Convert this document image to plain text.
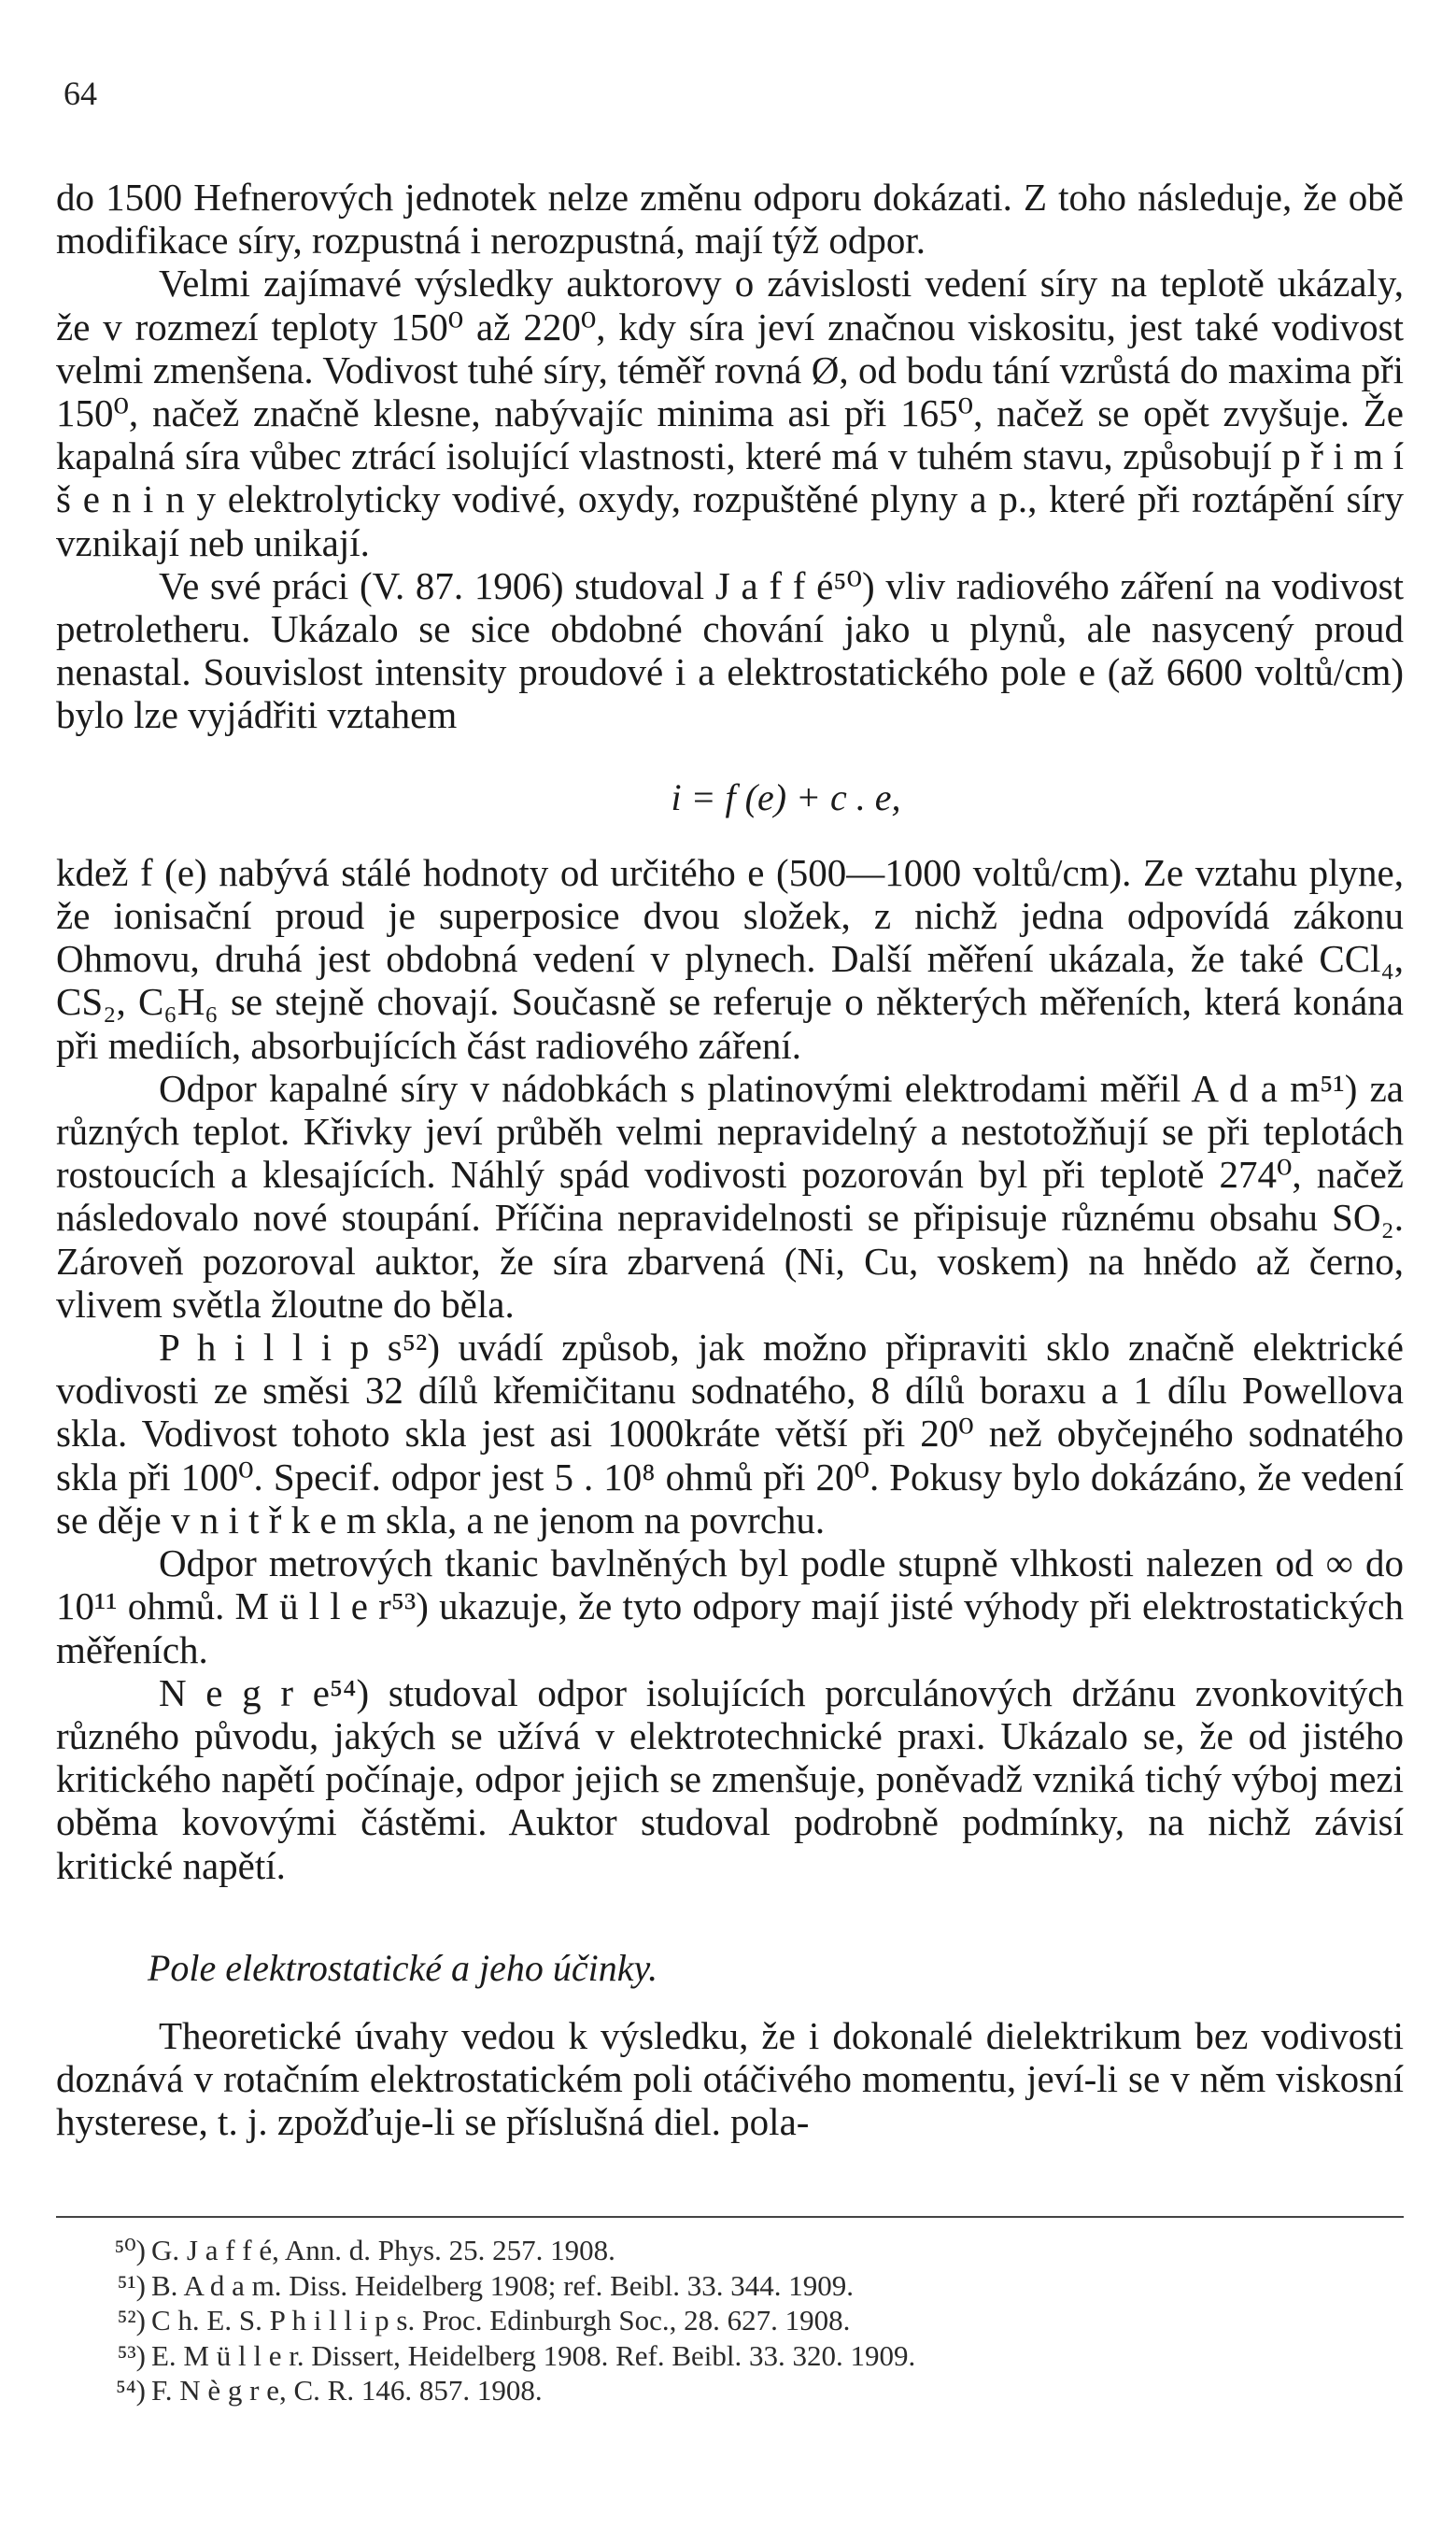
64

do 1500 Hefnerových jednotek nelze změnu odporu dokázati. Z toho následuje, že obě modifikace síry, rozpustná i nerozpustná, mají týž odpor.

Velmi zajímavé výsledky auktorovy o závislosti vedení síry na teplotě ukázaly, že v rozmezí teploty 150⁰ až 220⁰, kdy síra jeví značnou viskositu, jest také vodivost velmi zmenšena. Vodivost tuhé síry, téměř rovná Ø, od bodu tání vzrůstá do maxima při 150⁰, načež značně klesne, nabývajíc minima asi při 165⁰, načež se opět zvyšuje. Že kapalná síra vůbec ztrácí isolující vlastnosti, které má v tuhém stavu, způsobují p ř i m í š e n i n y elektrolyticky vodivé, oxydy, rozpuštěné plyny a p., které při roztápění síry vznikají neb unikají.

Ve své práci (V. 87. 1906) studoval J a f f é⁵⁰) vliv radiového záření na vodivost petroletheru. Ukázalo se sice obdobné chování jako u plynů, ale nasycený proud nenastal. Souvislost intensity proudové i a elektrostatického pole e (až 6600 voltů/cm) bylo lze vyjádřiti vztahem

i = f (e) + c . e,

kdež f (e) nabývá stálé hodnoty od určitého e (500—1000 voltů/cm). Ze vztahu plyne, že ionisační proud je superposice dvou složek, z nichž jedna odpovídá zákonu Ohmovu, druhá jest obdobná vedení v plynech. Další měření ukázala, že také CCl₄, CS₂, C₆H₆ se stejně chovají. Současně se referuje o některých měřeních, která konána při mediích, absorbujících část radiového záření.

Odpor kapalné síry v nádobkách s platinovými elektrodami měřil A d a m⁵¹) za různých teplot. Křivky jeví průběh velmi nepravidelný a nestotožňují se při teplotách rostoucích a klesajících. Náhlý spád vodivosti pozorován byl při teplotě 274⁰, načež následovalo nové stoupání. Příčina nepravidelnosti se připisuje různému obsahu SO₂. Zároveň pozoroval auktor, že síra zbarvená (Ni, Cu, voskem) na hnědo až černo, vlivem světla žloutne do běla.

P h i l l i p s⁵²) uvádí způsob, jak možno připraviti sklo značně elektrické vodivosti ze směsi 32 dílů křemičitanu sodnatého, 8 dílů boraxu a 1 dílu Powellova skla. Vodivost tohoto skla jest asi 1000kráte větší při 20⁰ než obyčejného sodnatého skla při 100⁰. Specif. odpor jest 5 . 10⁸ ohmů při 20⁰. Pokusy bylo dokázáno, že vedení se děje v n i t ř k e m skla, a ne jenom na povrchu.

Odpor metrových tkanic bavlněných byl podle stupně vlhkosti nalezen od ∞ do 10¹¹ ohmů. M ü l l e r⁵³) ukazuje, že tyto odpory mají jisté výhody při elektrostatických měřeních.

N e g r e⁵⁴) studoval odpor isolujících porculánových držánu zvonkovitých různého původu, jakých se užívá v elektrotechnické praxi. Ukázalo se, že od jistého kritického napětí počínaje, odpor jejich se zmenšuje, poněvadž vzniká tichý výboj mezi oběma kovovými částěmi. Auktor studoval podrobně podmínky, na nichž závisí kritické napětí.

Pole elektrostatické a jeho účinky.

Theoretické úvahy vedou k výsledku, že i dokonalé dielektrikum bez vodivosti doznává v rotačním elektrostatickém poli otáčivého momentu, jeví-li se v něm viskosní hysterese, t. j. zpožďuje-li se příslušná diel. pola-

⁵⁰) G. J a f f é, Ann. d. Phys. 25. 257. 1908.

⁵¹) B. A d a m. Diss. Heidelberg 1908; ref. Beibl. 33. 344. 1909.

⁵²) C h. E. S. P h i l l i p s. Proc. Edinburgh Soc., 28. 627. 1908.

⁵³) E. M ü l l e r. Dissert, Heidelberg 1908. Ref. Beibl. 33. 320. 1909.

⁵⁴) F. N è g r e, C. R. 146. 857. 1908.
